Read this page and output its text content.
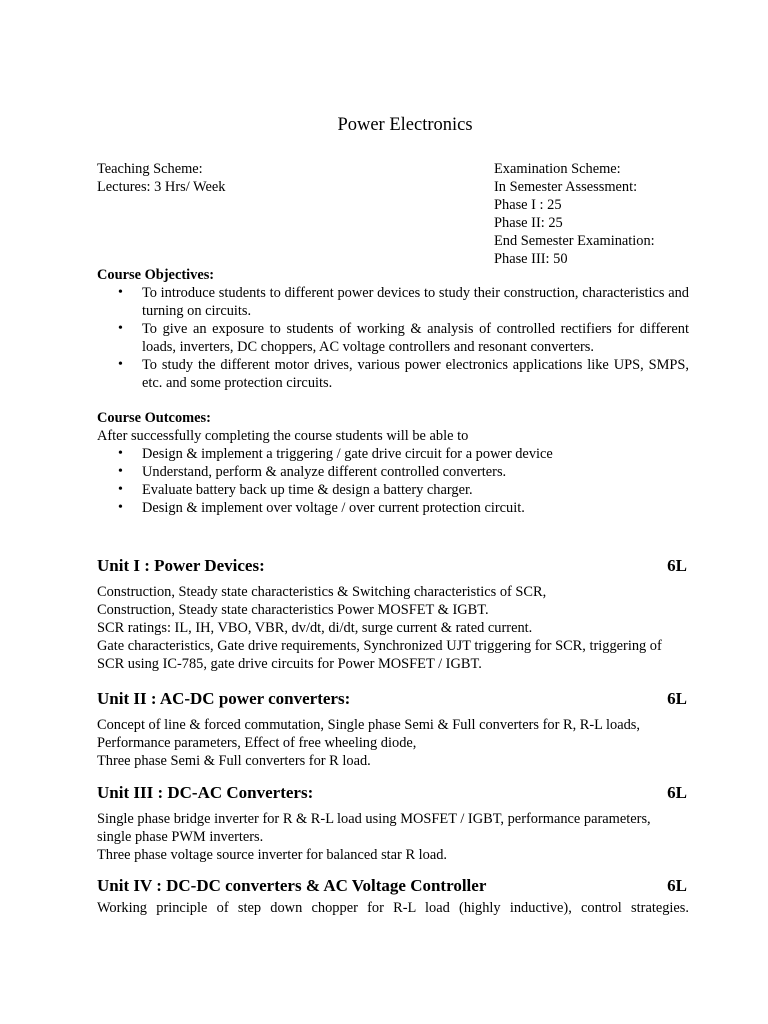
Power Electronics
Teaching Scheme:
Lectures: 3 Hrs/ Week
Examination Scheme:
In Semester Assessment:
Phase I : 25
Phase II: 25
End Semester Examination:
Phase III: 50
Course Objectives:
• To introduce students to different power devices to study their construction, characteristics and turning on circuits.
• To give an exposure to students of working & analysis of controlled rectifiers for different loads, inverters, DC choppers, AC voltage controllers and resonant converters.
• To study the different motor drives, various power electronics applications like UPS, SMPS, etc. and some protection circuits.
Course Outcomes:
After successfully completing the course students will be able to
• Design & implement a triggering / gate drive circuit for a power device
• Understand, perform & analyze different controlled converters.
• Evaluate battery back up time & design a battery charger.
• Design & implement over voltage / over current protection circuit.
Unit I : Power Devices:	6L
Construction, Steady state characteristics & Switching characteristics of SCR,
Construction, Steady state characteristics Power MOSFET & IGBT.
SCR ratings: IL, IH, VBO, VBR, dv/dt, di/dt, surge current & rated current.
Gate characteristics, Gate drive requirements, Synchronized UJT triggering for SCR, triggering of
SCR using IC-785, gate drive circuits for Power MOSFET / IGBT.
Unit II : AC-DC power converters:	6L
Concept of line & forced commutation, Single phase Semi & Full converters for R, R-L loads,
Performance parameters, Effect of free wheeling diode,
Three phase Semi & Full converters for R load.
Unit III : DC-AC Converters:	6L
Single phase bridge inverter for R & R-L load using MOSFET / IGBT, performance parameters,
single phase PWM inverters.
Three phase voltage source inverter for balanced star R load.
Unit IV : DC-DC converters & AC Voltage Controller	6L
Working principle of step down chopper for R-L load (highly inductive), control strategies.
